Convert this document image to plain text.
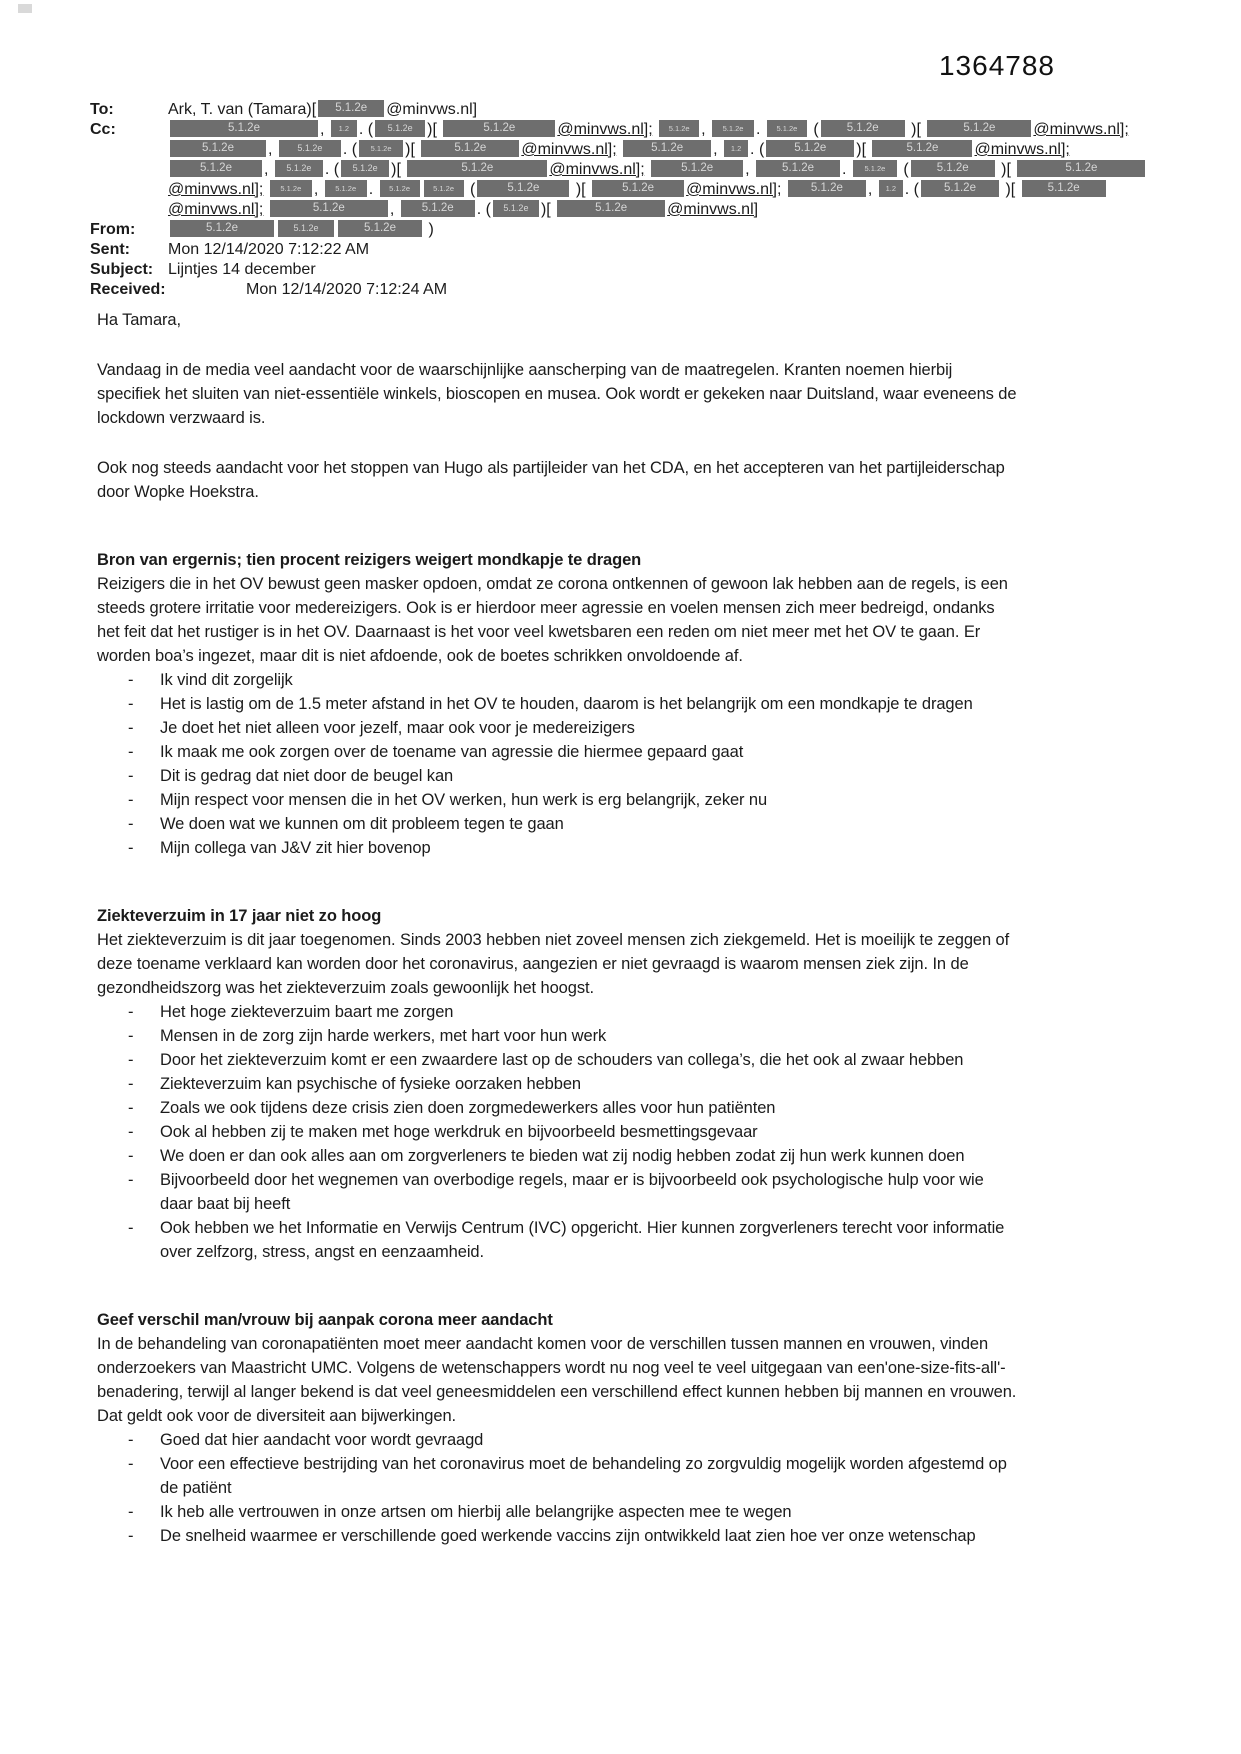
1364788
To:	Ark, T. van (Tamara)[ 5.1.2e @minvws.nl]
Cc:	5.1.2e	, 1.2 . ( 5.1.2e )[	5.1.2e	@minvws.nl]; 5.1.2e , 5.1.2e . 5.1.2e ( 5.1.2e )[	5.1.2e @minvws.nl]; 5.1.2e , 5.1.2e . ( 5.1.2e )[	5.1.2e @minvws.nl];	5.1.2e , 1.2 . (	5.1.2e )[	5.1.2e @minvws.nl]; 5.1.2e , 5.1.2e . ( 5.1.2e )[	5.1.2e	@minvws.nl];	5.1.2e , 5.1.2e . 5.1.2e ( 5.1.2e )[	5.1.2e@minvws.nl]; 5.1.2e , 5.1.2e . 5.1.2e	5.1.2e (	5.1.2e )[	5.1.2e @minvws.nl];	5.1.2e , 1.2 . ( 5.1.2e )[ 5.1.2e@minvws.nl];	5.1.2e	, 5.1.2e . ( 5.1.2e )[	5.1.2e	@minvws.nl]
From:	5.1.2e	5.1.2e	5.1.2e )
Sent:	Mon 12/14/2020 7:12:22 AM
Subject: Lijntjes 14 december
Received:	Mon 12/14/2020 7:12:24 AM
Ha Tamara,
Vandaag in de media veel aandacht voor de waarschijnlijke aanscherping van de maatregelen. Kranten noemen hierbij specifiek het sluiten van niet-essentiële winkels, bioscopen en musea. Ook wordt er gekeken naar Duitsland, waar eveneens de lockdown verzwaard is.
Ook nog steeds aandacht voor het stoppen van Hugo als partijleider van het CDA, en het accepteren van het partijleiderschap door Wopke Hoekstra.
Bron van ergernis; tien procent reizigers weigert mondkapje te dragen
Reizigers die in het OV bewust geen masker opdoen, omdat ze corona ontkennen of gewoon lak hebben aan de regels, is een steeds grotere irritatie voor medereizigers. Ook is er hierdoor meer agressie en voelen mensen zich meer bedreigd, ondanks het feit dat het rustiger is in het OV. Daarnaast is het voor veel kwetsbaren een reden om niet meer met het OV te gaan. Er worden boa’s ingezet, maar dit is niet afdoende, ook de boetes schrikken onvoldoende af.
-	Ik vind dit zorgelijk
-	Het is lastig om de 1.5 meter afstand in het OV te houden, daarom is het belangrijk om een mondkapje te dragen
-	Je doet het niet alleen voor jezelf, maar ook voor je medereizigers
-	Ik maak me ook zorgen over de toename van agressie die hiermee gepaard gaat
-	Dit is gedrag dat niet door de beugel kan
-	Mijn respect voor mensen die in het OV werken, hun werk is erg belangrijk, zeker nu
-	We doen wat we kunnen om dit probleem tegen te gaan
-	Mijn collega van J&V zit hier bovenop
Ziekteverzuim in 17 jaar niet zo hoog
Het ziekteverzuim is dit jaar toegenomen. Sinds 2003 hebben niet zoveel mensen zich ziekgemeld. Het is moeilijk te zeggen of deze toename verklaard kan worden door het coronavirus, aangezien er niet gevraagd is waarom mensen ziek zijn. In de gezondheidszorg was het ziekteverzuim zoals gewoonlijk het hoogst.
-	Het hoge ziekteverzuim baart me zorgen
-	Mensen in de zorg zijn harde werkers, met hart voor hun werk
-	Door het ziekteverzuim komt er een zwaardere last op de schouders van collega’s, die het ook al zwaar hebben
-	Ziekteverzuim kan psychische of fysieke oorzaken hebben
-	Zoals we ook tijdens deze crisis zien doen zorgmedewerkers alles voor hun patiënten
-	Ook al hebben zij te maken met hoge werkdruk en bijvoorbeeld besmettingsgevaar
-	We doen er dan ook alles aan om zorgverleners te bieden wat zij nodig hebben zodat zij hun werk kunnen doen
-	Bijvoorbeeld door het wegnemen van overbodige regels, maar er is bijvoorbeeld ook psychologische hulp voor wie daar baat bij heeft
-	Ook hebben we het Informatie en Verwijs Centrum (IVC) opgericht. Hier kunnen zorgverleners terecht voor informatie over zelfzorg, stress, angst en eenzaamheid.
Geef verschil man/vrouw bij aanpak corona meer aandacht
In de behandeling van coronapatiënten moet meer aandacht komen voor de verschillen tussen mannen en vrouwen, vinden onderzoekers van Maastricht UMC. Volgens de wetenschappers wordt nu nog veel te veel uitgegaan van een'one-size-fits-all'-benadering, terwijl al langer bekend is dat veel geneesmiddelen een verschillend effect kunnen hebben bij mannen en vrouwen. Dat geldt ook voor de diversiteit aan bijwerkingen.
-	Goed dat hier aandacht voor wordt gevraagd
-	Voor een effectieve bestrijding van het coronavirus moet de behandeling zo zorgvuldig mogelijk worden afgestemd op de patiënt
-	Ik heb alle vertrouwen in onze artsen om hierbij alle belangrijke aspecten mee te wegen
-	De snelheid waarmee er verschillende goed werkende vaccins zijn ontwikkeld laat zien hoe ver onze wetenschap
